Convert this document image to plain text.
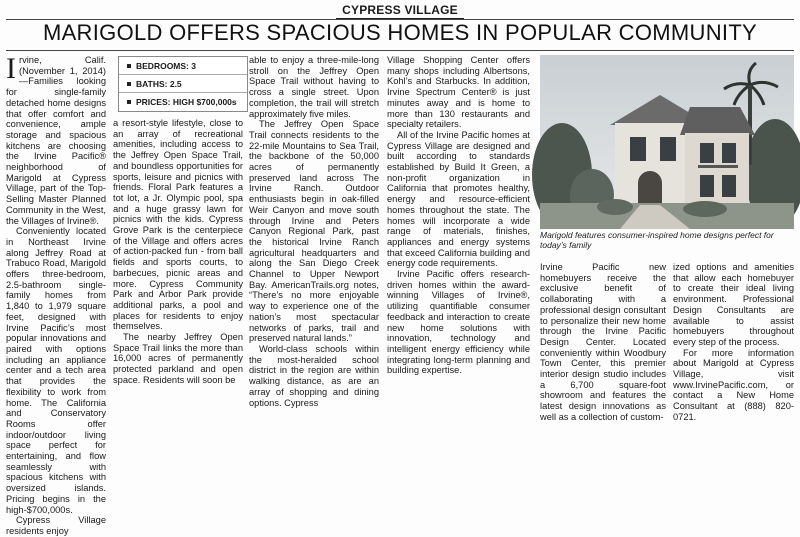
CYPRESS VILLAGE
MARIGOLD OFFERS SPACIOUS HOMES IN POPULAR COMMUNITY

Irvine, Calif. (November 1, 2014)—Families looking for single-family detached home designs that offer comfort and convenience, ample storage and spacious kitchens are choosing the Irvine Pacific® neighborhood of Marigold at Cypress Village, part of the Top-Selling Master Planned Community in the West, the Villages of Irvine®.

Conveniently located in Northeast Irvine along Jeffrey Road at Trabuco Road, Marigold offers three-bedroom, 2.5-bathroom single-family homes from 1,840 to 1,979 square feet, designed with Irvine Pacific’s most popular innovations and paired with options including an appliance center and a tech area that provides the flexibility to work from home. The California and Conservatory Rooms offer indoor/outdoor living space perfect for entertaining, and flow seamlessly with spacious kitchens with oversized islands. Pricing begins in the high-$700,000s.

Cypress Village residents enjoy

BEDROOMS: 3
BATHS: 2.5
PRICES: HIGH $700,000s

a resort-style lifestyle, close to an array of recreational amenities, including access to the Jeffrey Open Space Trail, and boundless opportunities for sports, leisure and picnics with friends. Floral Park features a tot lot, a Jr. Olympic pool, spa and a huge grassy lawn for picnics with the kids. Cypress Grove Park is the centerpiece of the Village and offers acres of action-packed fun - from ball fields and sports courts, to barbecues, picnic areas and more. Cypress Community Park and Arbor Park provide additional parks, a pool and places for residents to enjoy themselves.

The nearby Jeffrey Open Space Trail links the more than 16,000 acres of permanently protected parkland and open space. Residents will soon be

able to enjoy a three-mile-long stroll on the Jeffrey Open Space Trail without having to cross a single street. Upon completion, the trail will stretch approximately five miles.

The Jeffrey Open Space Trail connects residents to the 22-mile Mountains to Sea Trail, the backbone of the 50,000 acres of permanently preserved land across The Irvine Ranch. Outdoor enthusiasts begin in oak-filled Weir Canyon and move south through Irvine and Peters Canyon Regional Park, past the historical Irvine Ranch agricultural headquarters and along the San Diego Creek Channel to Upper Newport Bay. AmericanTrails.org notes, “There’s no more enjoyable way to experience one of the nation’s most spectacular networks of parks, trail and preserved natural lands.”

World-class schools within the most-heralded school district in the region are within walking distance, as are an array of shopping and dining options. Cypress

Village Shopping Center offers many shops including Albertsons, Kohl’s and Starbucks. In addition, Irvine Spectrum Center® is just minutes away and is home to more than 130 restaurants and specialty retailers.

All of the Irvine Pacific homes at Cypress Village are designed and built according to standards established by Build It Green, a non-profit organization in California that promotes healthy, energy and resource-efficient homes throughout the state. The homes will incorporate a wide range of materials, finishes, appliances and energy systems that exceed California building and energy code requirements.

Irvine Pacific offers research-driven homes within the award-winning Villages of Irvine®, utilizing quantifiable consumer feedback and interaction to create new home solutions with innovation, technology and intelligent energy efficiency while integrating long-term planning and building expertise.

Marigold features consumer-inspired home designs perfect for today’s family

Irvine Pacific new homebuyers receive the exclusive benefit of collaborating with a professional design consultant to personalize their new home through the Irvine Pacific Design Center. Located conveniently within Woodbury Town Center, this premier interior design studio includes a 6,700 square-foot showroom and features the latest design innovations as well as a collection of custom-

ized options and amenities that allow each homebuyer to create their ideal living environment. Professional Design Consultants are available to assist homebuyers throughout every step of the process.

For more information about Marigold at Cypress Village, visit www.IrvinePacific.com, or contact a New Home Consultant at (888) 820-0721.
